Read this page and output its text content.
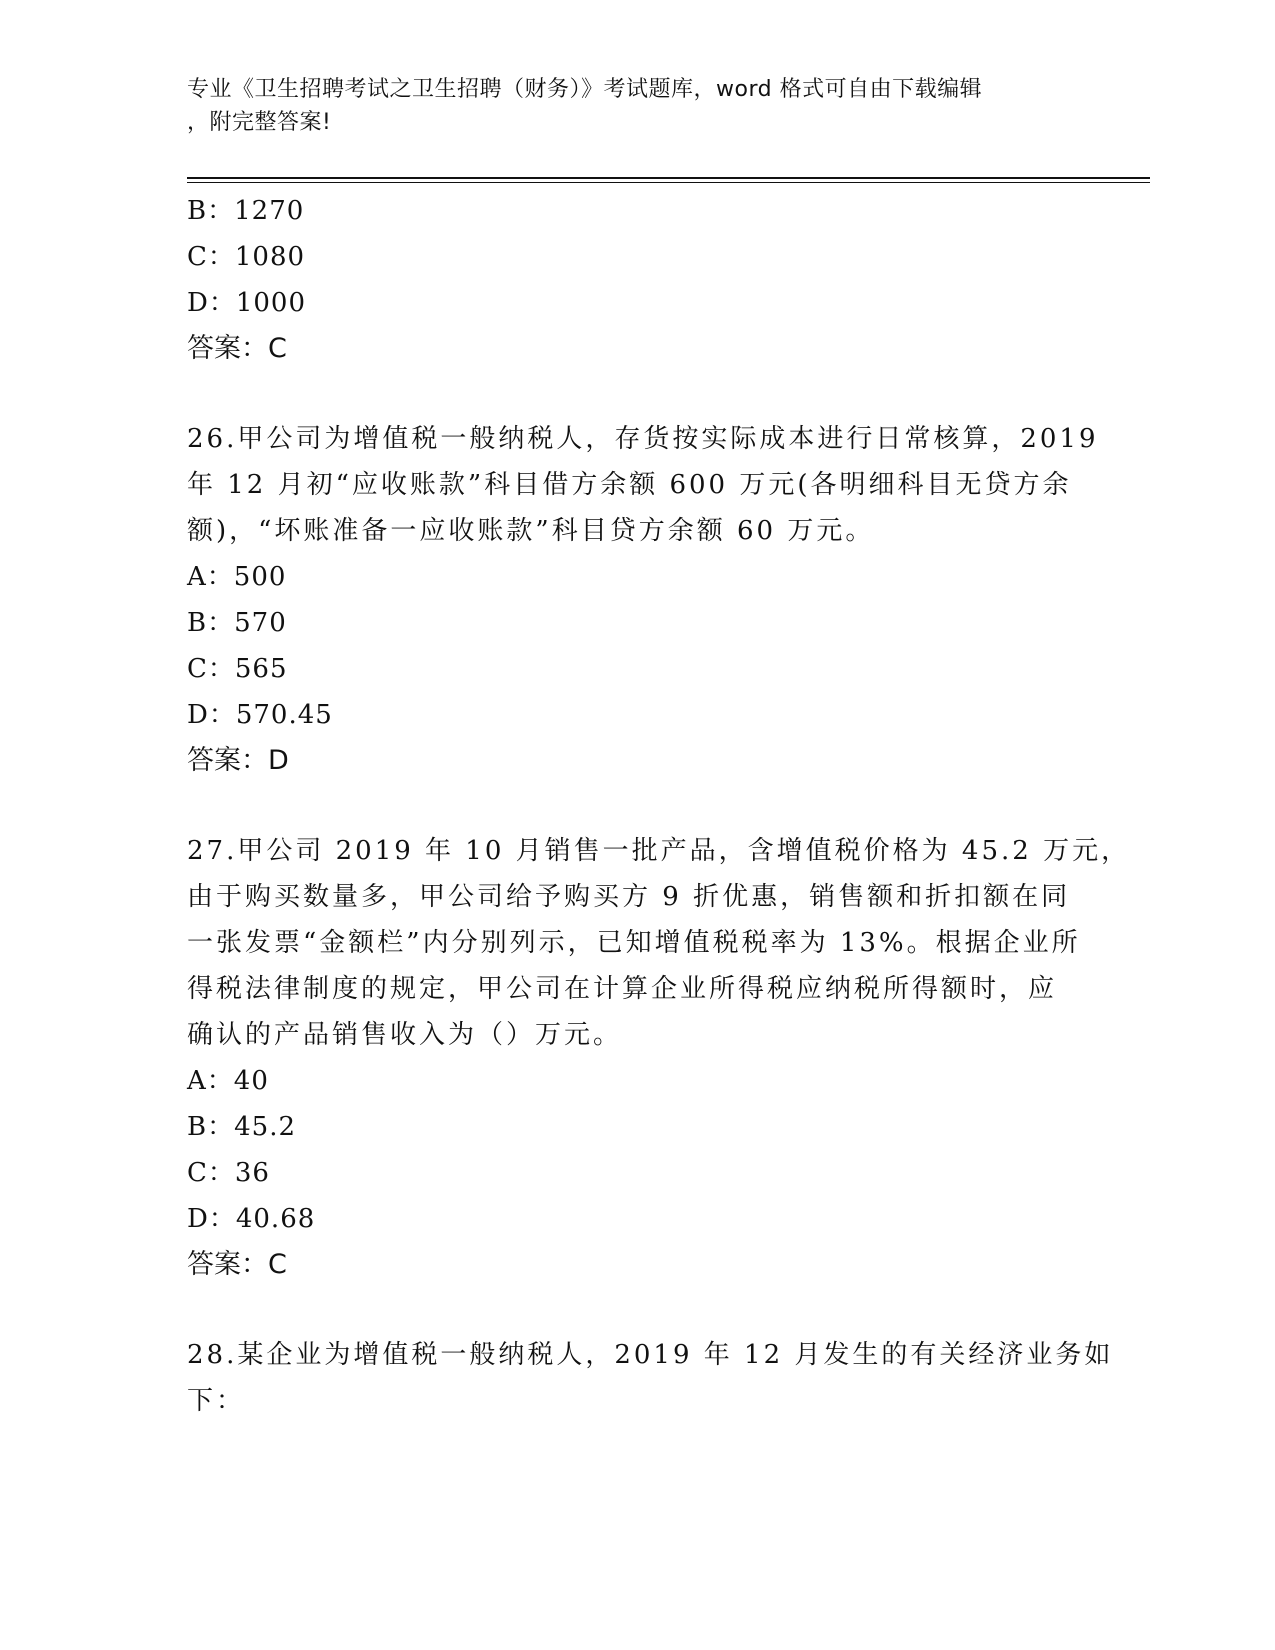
专业《卫生招聘考试之卫生招聘（财务）》考试题库，word 格式可自由下载编辑
，附完整答案!
B：1270
C：1080
D：1000
答案：C
26.甲公司为增值税一般纳税人，存货按实际成本进行日常核算，2019
年 12 月初“应收账款”科目借方余额 600 万元(各明细科目无贷方余
额)，“坏账准备一应收账款”科目贷方余额 60 万元。
A：500
B：570
C：565
D：570.45
答案：D
27.甲公司 2019 年 10 月销售一批产品，含增值税价格为 45.2 万元，
由于购买数量多，甲公司给予购买方 9 折优惠，销售额和折扣额在同
一张发票“金额栏”内分别列示，已知增值税税率为 13%。根据企业所
得税法律制度的规定，甲公司在计算企业所得税应纳税所得额时，应
确认的产品销售收入为（）万元。
A：40
B：45.2
C：36
D：40.68
答案：C
28.某企业为增值税一般纳税人，2019 年 12 月发生的有关经济业务如
下：
